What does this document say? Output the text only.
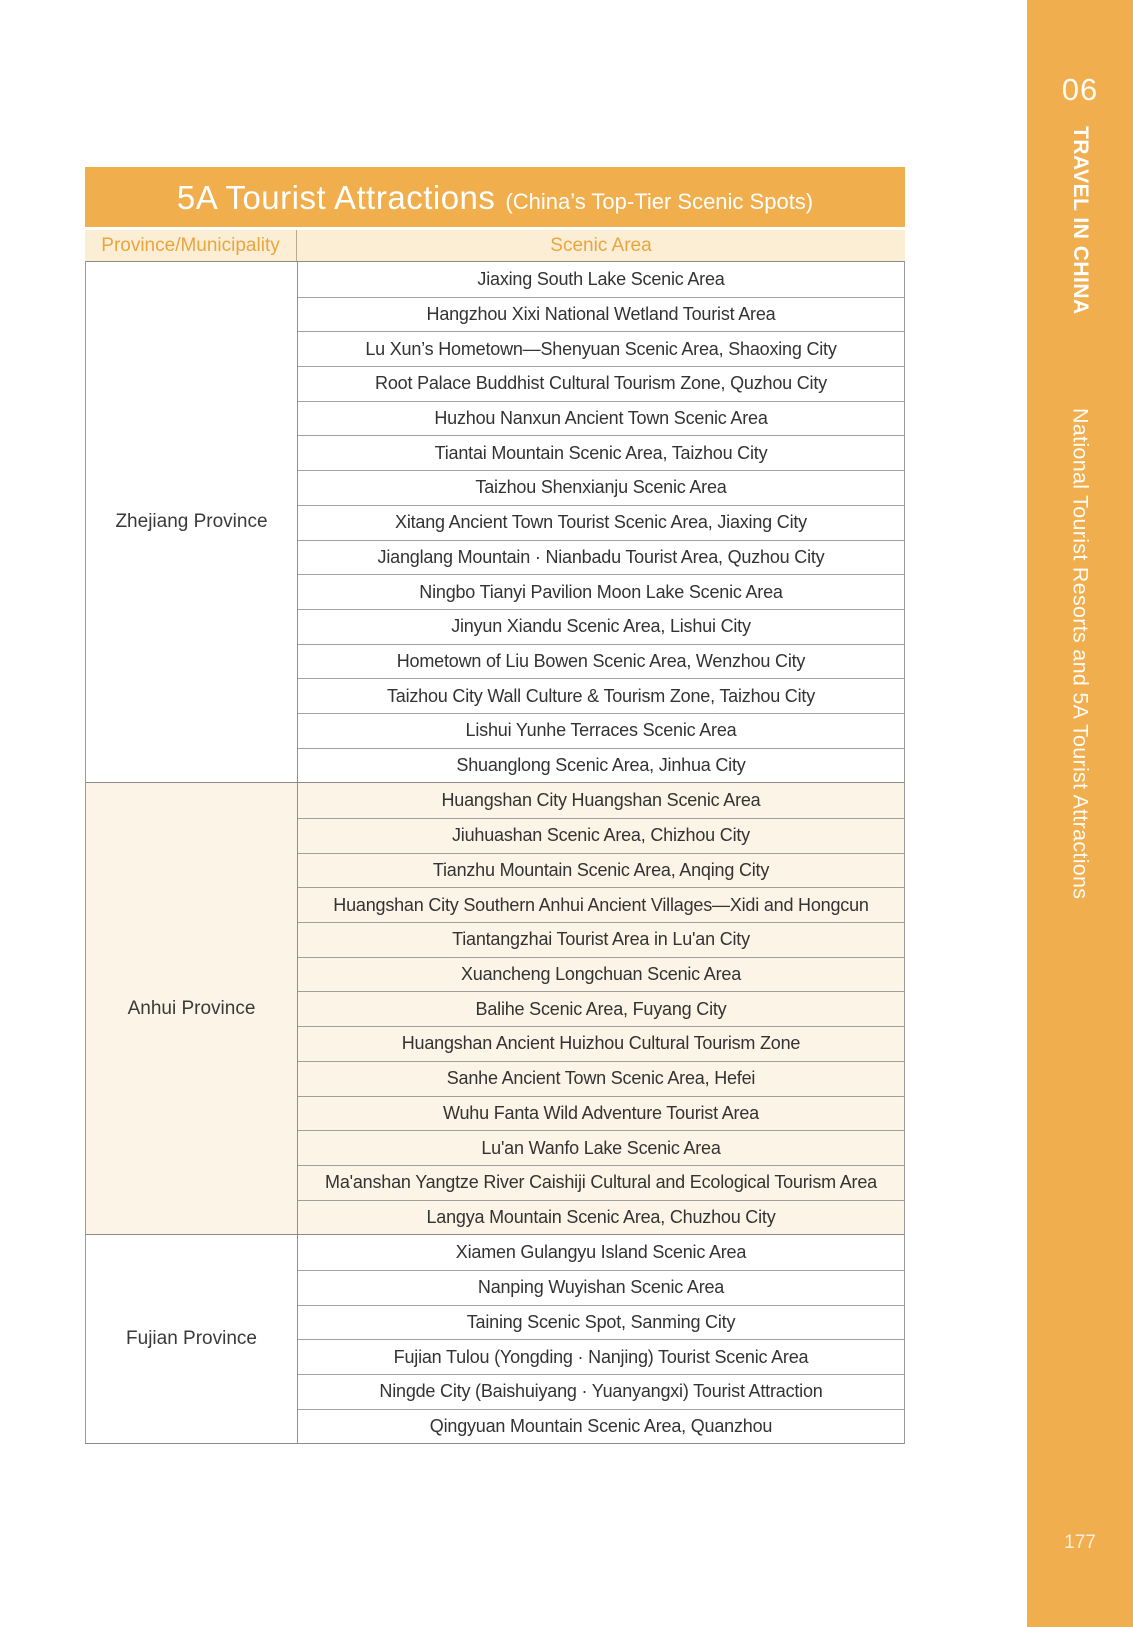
5A Tourist Attractions (China’s Top-Tier Scenic Spots)
Province/Municipality	Scenic Area
Zhejiang Province
Jiaxing South Lake Scenic Area
Hangzhou Xixi National Wetland Tourist Area
Lu Xun’s Hometown—Shenyuan Scenic Area, Shaoxing City
Root Palace Buddhist Cultural Tourism Zone, Quzhou City
Huzhou Nanxun Ancient Town Scenic Area
Tiantai Mountain Scenic Area, Taizhou City
Taizhou Shenxianju Scenic Area
Xitang Ancient Town Tourist Scenic Area, Jiaxing City
Jianglang Mountain · Nianbadu Tourist Area, Quzhou City
Ningbo Tianyi Pavilion Moon Lake Scenic Area
Jinyun Xiandu Scenic Area, Lishui City
Hometown of Liu Bowen Scenic Area, Wenzhou City
Taizhou City Wall Culture & Tourism Zone, Taizhou City
Lishui Yunhe Terraces Scenic Area
Shuanglong Scenic Area, Jinhua City
Anhui Province
Huangshan City Huangshan Scenic Area
Jiuhuashan Scenic Area, Chizhou City
Tianzhu Mountain Scenic Area, Anqing City
Huangshan City Southern Anhui Ancient Villages—Xidi and Hongcun
Tiantangzhai Tourist Area in Lu'an City
Xuancheng Longchuan Scenic Area
Balihe Scenic Area, Fuyang City
Huangshan Ancient Huizhou Cultural Tourism Zone
Sanhe Ancient Town Scenic Area, Hefei
Wuhu Fanta Wild Adventure Tourist Area
Lu'an Wanfo Lake Scenic Area
Ma'anshan Yangtze River Caishiji Cultural and Ecological Tourism Area
Langya Mountain Scenic Area, Chuzhou City
Fujian Province
Xiamen Gulangyu Island Scenic Area
Nanping Wuyishan Scenic Area
Taining Scenic Spot, Sanming City
Fujian Tulou (Yongding · Nanjing) Tourist Scenic Area
Ningde City (Baishuiyang · Yuanyangxi) Tourist Attraction
Qingyuan Mountain Scenic Area, Quanzhou
06
TRAVEL IN CHINA
National Tourist Resorts and 5A Tourist Attractions
177
